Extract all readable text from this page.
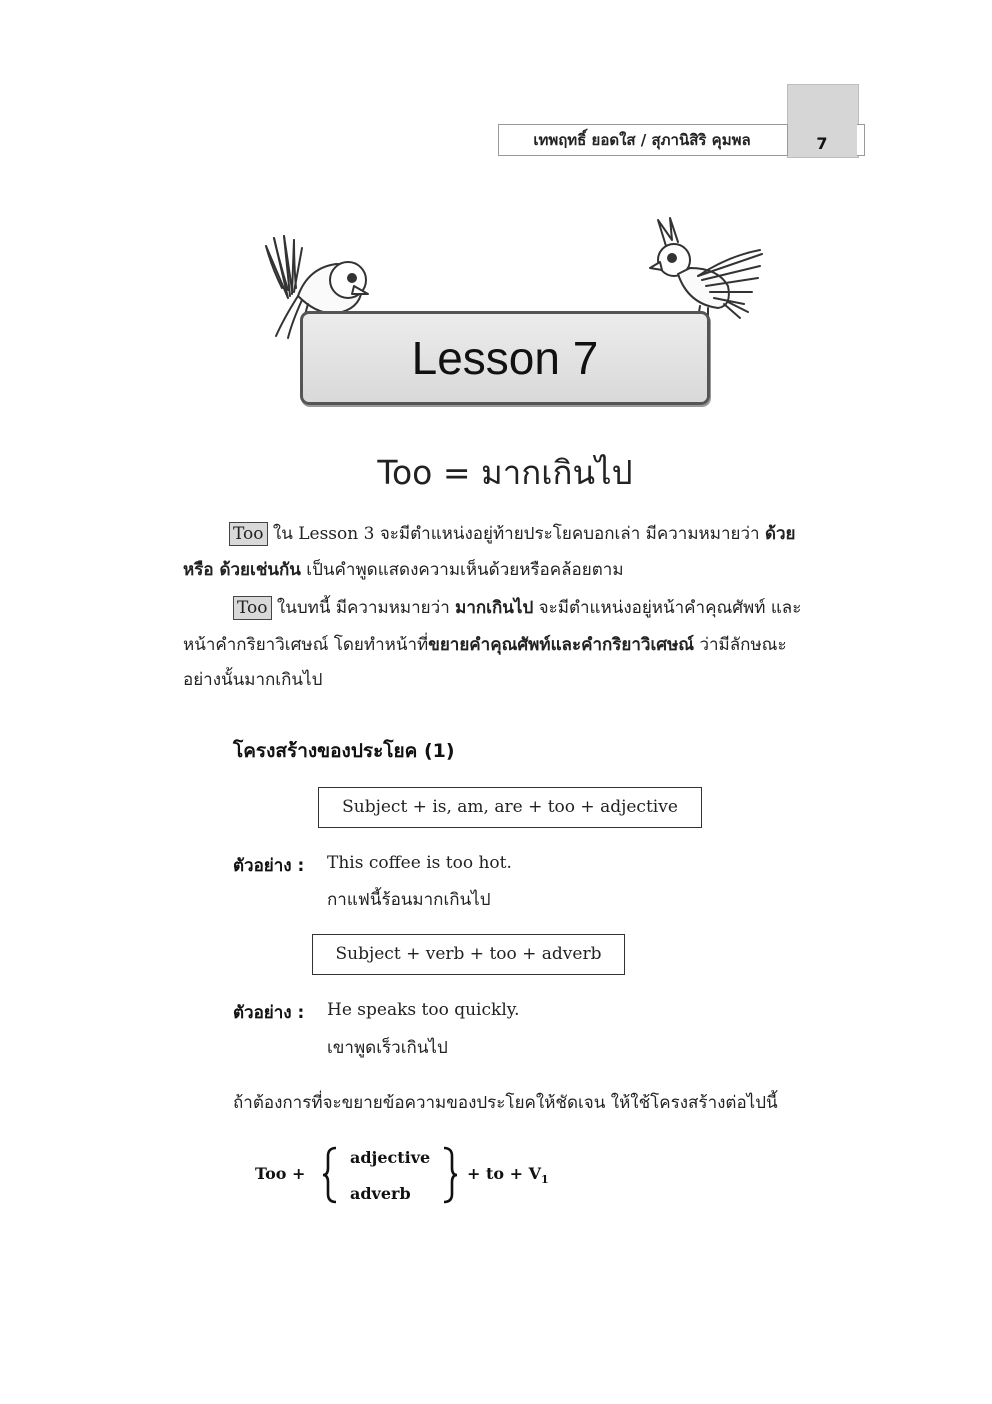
เทพฤทธิ์ ยอดใส / สุภานิสิริ คุมพล	7
Lesson 7
Too = มากเกินไป
Too ใน Lesson 3 จะมีตำแหน่งอยู่ท้ายประโยคบอกเล่า มีความหมายว่า ด้วย
หรือ ด้วยเช่นกัน เป็นคำพูดแสดงความเห็นด้วยหรือคล้อยตาม
Too ในบทนี้ มีความหมายว่า มากเกินไป จะมีตำแหน่งอยู่หน้าคำคุณศัพท์ และ
หน้าคำกริยาวิเศษณ์ โดยทำหน้าที่ขยายคำคุณศัพท์และคำกริยาวิเศษณ์ ว่ามีลักษณะ
อย่างนั้นมากเกินไป
โครงสร้างของประโยค (1)
Subject + is, am, are + too + adjective
ตัวอย่าง : This coffee is too hot.
กาแฟนี้ร้อนมากเกินไป
Subject + verb + too + adverb
ตัวอย่าง : He speaks too quickly.
เขาพูดเร็วเกินไป
ถ้าต้องการที่จะขยายข้อความของประโยคให้ชัดเจน ให้ใช้โครงสร้างต่อไปนี้
Too +
adjective
adverb
+ to + $V_1$
